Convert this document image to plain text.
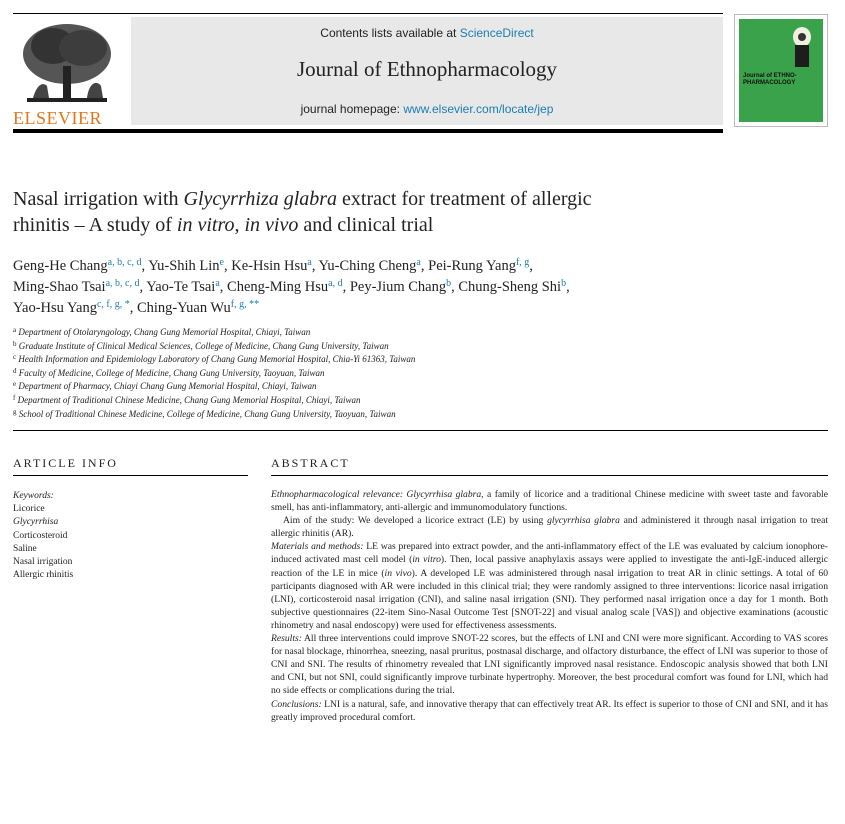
ELSEVIER
Contents lists available at ScienceDirect
Journal of Ethnopharmacology
journal homepage: www.elsevier.com/locate/jep
Journal of ETHNO-PHARMACOLOGY
Nasal irrigation with Glycyrrhiza glabra extract for treatment of allergic
rhinitis – A study of in vitro, in vivo and clinical trial
Geng-He Chang$^{a, b, c, d}$, Yu-Shih Lin$^e$, Ke-Hsin Hsu$^a$, Yu-Ching Cheng$^a$, Pei-Rung Yang$^{f, g}$,
Ming-Shao Tsai$^{a, b, c, d}$, Yao-Te Tsai$^a$, Cheng-Ming Hsu$^{a, d}$, Pey-Jium Chang$^b$, Chung-Sheng Shi$^b$,
Yao-Hsu Yang$^{c, f, g, *}$, Ching-Yuan $Wu^{f, g, **}$
$^a$ Department of Otolaryngology, Chang Gung Memorial Hospital, Chiayi, Taiwan
$^b$ Graduate Institute of Clinical Medical Sciences, College of Medicine, Chang Gung University, Taiwan
$^c$ Health Information and Epidemiology Laboratory of Chang Gung Memorial Hospital, Chia-Yi 61363, Taiwan
$^d$ Faculty of Medicine, College of Medicine, Chang Gung University, Taoyuan, Taiwan
$^e$ Department of Pharmacy, Chiayi Chang Gung Memorial Hospital, Chiayi, Taiwan
$^f$ Department of Traditional Chinese Medicine, Chang Gung Memorial Hospital, Chiayi, Taiwan
$^g$ School of Traditional Chinese Medicine, College of Medicine, Chang Gung University, Taoyuan, Taiwan
ARTICLE INFO	ABSTRACT
Keywords:
Licorice
Glycyrrhisa
Corticosteroid
Saline
Nasal irrigation
Allergic rhinitis

Ethnopharmacological relevance: Glycyrrhisa glabra, a family of licorice and a traditional Chinese medicine with sweet taste and favorable smell, has anti-inflammatory, anti-allergic and immunomodulatory functions.

Aim of the study: We developed a licorice extract (LE) by using glycyrrhisa glabra and administered it through nasal irrigation to treat allergic rhinitis (AR).

Materials and methods: LE was prepared into extract powder, and the anti-inflammatory effect of the LE was evaluated by calcium ionophore-induced activated mast cell model (in vitro). Then, local passive anaphylaxis assays were applied to investigate the anti-IgE-induced allergic reaction of the LE in mice (in vivo). A developed LE was administered through nasal irrigation to treat AR in clinic settings. A total of 60 participants diagnosed with AR were included in this clinical trial; they were randomly assigned to three interventions: licorice nasal irrigation (LNI), corticosteroid nasal irrigation (CNI), and saline nasal irrigation (SNI). They performed nasal irrigation once a day for 1 month. Both subjective questionnaires (22-item Sino-Nasal Outcome Test [SNOT-22] and visual analog scale [VAS]) and objective examinations (acoustic rhinometry and nasal endoscopy) were used for effectiveness assessments.

Results: All three interventions could improve SNOT-22 scores, but the effects of LNI and CNI were more significant. According to VAS scores for nasal blockage, rhinorrhea, sneezing, nasal pruritus, postnasal discharge, and olfactory disturbance, the effect of LNI was superior to those of CNI and SNI. The results of rhinometry revealed that LNI significantly improved nasal resistance. Endoscopic analysis showed that both LNI and CNI, but not SNI, could significantly improve turbinate hypertrophy. Moreover, the best procedural comfort was found for LNI, which had no side effects or complications during the trial.

Conclusions: LNI is a natural, safe, and innovative therapy that can effectively treat AR. Its effect is superior to those of CNI and SNI, and it has greatly improved procedural comfort.
